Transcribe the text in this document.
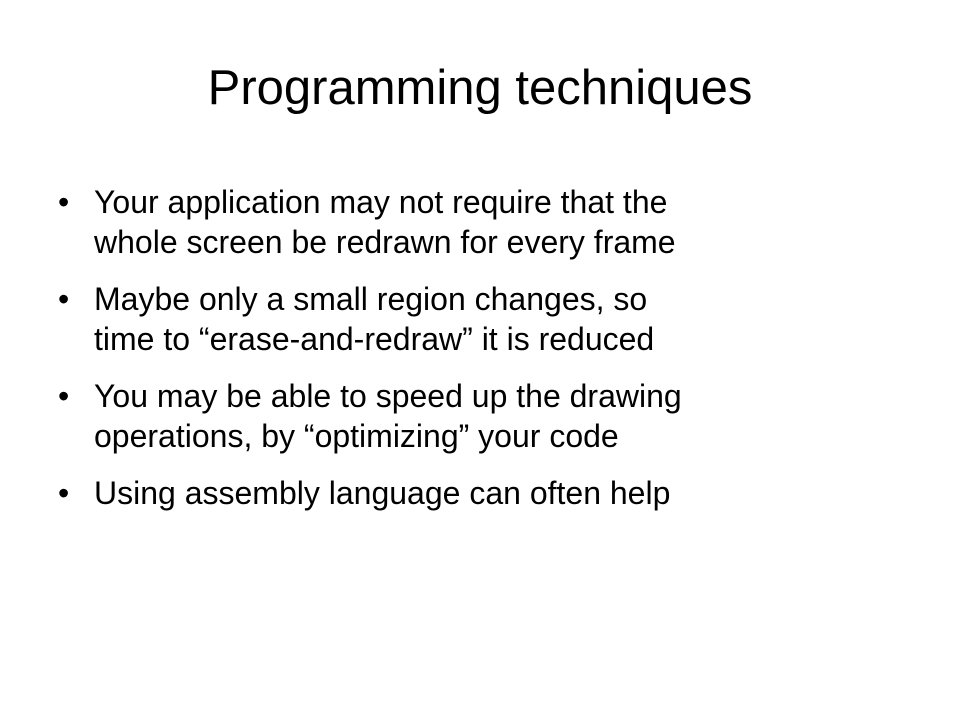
Programming techniques
• Your application may not require that the
whole screen be redrawn for every frame
• Maybe only a small region changes, so
time to “erase-and-redraw” it is reduced
• You may be able to speed up the drawing
operations, by “optimizing” your code
• Using assembly language can often help
